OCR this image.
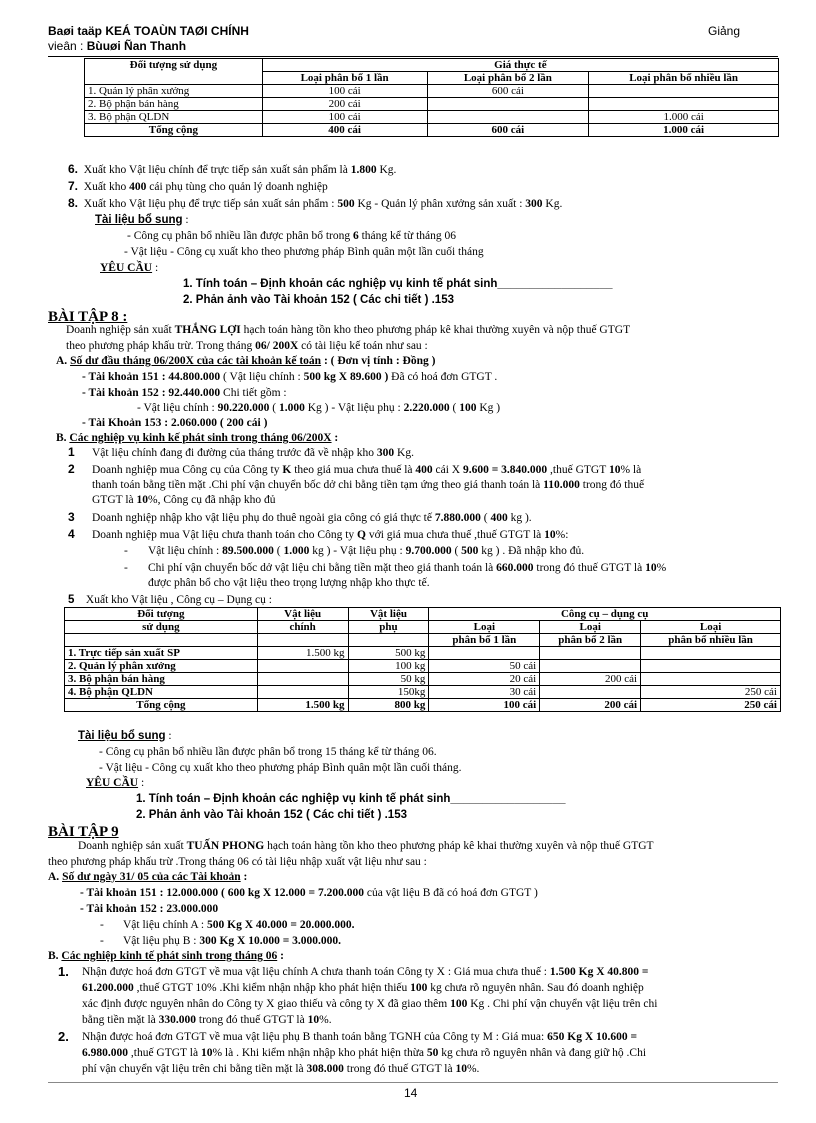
Baøi taäp KEÁ TOAÙN TAØI CHÍNH	Giảng
vieân : Bùuøi Ñan Thanh
Đối tượng sử dụng	Giá thực tế		
	Loại phân bổ 1 lần	Loại phân bổ 2 lần	Loại phân bổ nhiều lần
1. Quản lý phân xưởng	100 cái	600 cái	
2. Bộ phận bán hàng	200 cái		
3. Bộ phận QLDN	100 cái		1.000 cái
Tổng cộng	400 cái	600 cái	1.000 cái
6. Xuất kho Vật liệu chính để trực tiếp sản xuất sản phẩm là 1.800 Kg.
7. Xuất kho 400 cái phụ tùng cho quản lý doanh nghiệp
8. Xuất kho Vật liệu phụ để trực tiếp sản xuất sản phẩm : 500 Kg - Quản lý phân xưởng sản xuất : 300 Kg.
Tài liệu bổ sung :
- Công cụ phân bổ nhiều lần được phân bổ trong 6 tháng kể từ tháng 06
- Vật liệu - Công cụ xuất kho theo phương pháp Bình quân một lần cuối tháng
YÊU CẦU :
1. Tính toán – Định khoản các nghiệp vụ kinh tế phát sinh__________________
2. Phản ảnh vào Tài khoản 152 ( Các chi tiết ) .153
BÀI TẬP 8 :
Doanh nghiệp sản xuất THẮNG LỢI hạch toán hàng tồn kho theo phương pháp kê khai thường xuyên và nộp thuế GTGT
theo phương pháp khấu trừ. Trong tháng 06/ 200X có tài liệu kế toán như sau :
A. Số dư đầu tháng 06/200X của các tài khoản kế toán : ( Đơn vị tính : Đồng )
- Tài khoản 151 : 44.800.000 ( Vật liệu chính : 500 kg X 89.600 ) Đã có hoá đơn GTGT .
- Tài khoản 152 : 92.440.000 Chi tiết gồm :
- Vật liệu chính : 90.220.000 ( 1.000 Kg ) - Vật liệu phụ : 2.220.000 ( 100 Kg )
- Tài Khoản 153 : 2.060.000 ( 200 cái )
B. Các nghiệp vụ kinh kế phát sinh trong tháng 06/200X :
1 Vật liệu chính đang đi đường của tháng trước đã về nhập kho 300 Kg.
2 Doanh nghiệp mua Công cụ của Công ty K theo giá mua chưa thuế là 400 cái X 9.600 = 3.840.000 ,thuế GTGT 10% là
thanh toán bằng tiền mặt .Chi phí vận chuyển bốc dở chi bằng tiền tạm ứng theo giá thanh toán là 110.000 trong đó thuế
GTGT là 10%, Công cụ đã nhập kho đủ
3 Doanh nghiệp nhập kho vật liệu phụ do thuê ngoài gia công có giá thực tế 7.880.000 ( 400 kg ).
4 Doanh nghiệp mua Vật liệu chưa thanh toán cho Công ty Q với giá mua chưa thuế ,thuế GTGT là 10%:
- Vật liệu chính : 89.500.000 ( 1.000 kg ) - Vật liệu phụ : 9.700.000 ( 500 kg ) . Đã nhập kho đủ.
- Chi phí vận chuyển bốc dở vật liệu chi bằng tiền mặt theo giá thanh toán là 660.000 trong đó thuế GTGT là 10%
được phân bổ cho vật liệu theo trọng lượng nhập kho thực tế.
5 Xuất kho Vật liệu , Công cụ – Dụng cụ :
Đối tượng	Vật liệu	Vật liệu	Công cụ – dụng cụ		
sử dụng	chính	phụ	Loại	Loại	Loại
			phân bổ 1 lần	phân bổ 2 lần	phân bổ nhiều lần
1. Trực tiếp sản xuất SP	1.500 kg	500 kg			
2. Quản lý phân xưởng		100 kg	50 cái		
3. Bộ phận bán hàng		50 kg	20 cái	200 cái	
4. Bộ phận QLDN		150kg	30 cái		250 cái
Tổng cộng	1.500 kg	800 kg	100 cái	200 cái	250 cái
Tài liệu bổ sung :
- Công cụ phân bổ nhiều lần được phân bổ trong 15 tháng kể từ tháng 06.
- Vật liệu - Công cụ xuất kho theo phương pháp Bình quân một lần cuối tháng.
YÊU CẦU :
1. Tính toán – Định khoản các nghiệp vụ kinh tế phát sinh__________________
2. Phản ảnh vào Tài khoản 152 ( Các chi tiết ) .153
BÀI TẬP 9
Doanh nghiệp sản xuất TUẤN PHONG hạch toán hàng tồn kho theo phương pháp kê khai thường xuyên và nộp thuế GTGT
theo phương pháp khấu trừ .Trong tháng 06 có tài liệu nhập xuất vật liệu như sau :
A. Số dư ngày 31/ 05 của các Tài khoản :
- Tài khoản 151 : 12.000.000 ( 600 kg X 12.000 = 7.200.000 của vật liệu B đã có hoá đơn GTGT )
- Tài khoản 152 : 23.000.000
- Vật liệu chính A : 500 Kg X 40.000 = 20.000.000.
- Vật liệu phụ B : 300 Kg X 10.000 = 3.000.000.
B. Các nghiệp kinh tế phát sinh trong tháng 06 :
1. Nhận được hoá đơn GTGT về mua vật liệu chính A chưa thanh toán Công ty X : Giá mua chưa thuế : 1.500 Kg X 40.800 =
61.200.000 ,thuế GTGT 10% .Khi kiểm nhận nhập kho phát hiện thiếu 100 kg chưa rõ nguyên nhân. Sau đó doanh nghiệp
xác định được nguyên nhân do Công ty X giao thiếu và công ty X đã giao thêm 100 Kg . Chi phí vận chuyển vật liệu trên chi
bằng tiền mặt là 330.000 trong đó thuế GTGT là 10%.
2. Nhận được hoá đơn GTGT về mua vật liệu phụ B thanh toán bằng TGNH của Công ty M : Giá mua: 650 Kg X 10.600 =
6.980.000 ,thuế GTGT là 10% là . Khi kiểm nhận nhập kho phát hiện thừa 50 kg chưa rõ nguyên nhân và đang giữ hộ .Chi
phí vận chuyển vật liệu trên chi bằng tiền mặt là 308.000 trong đó thuế GTGT là 10%.
14
